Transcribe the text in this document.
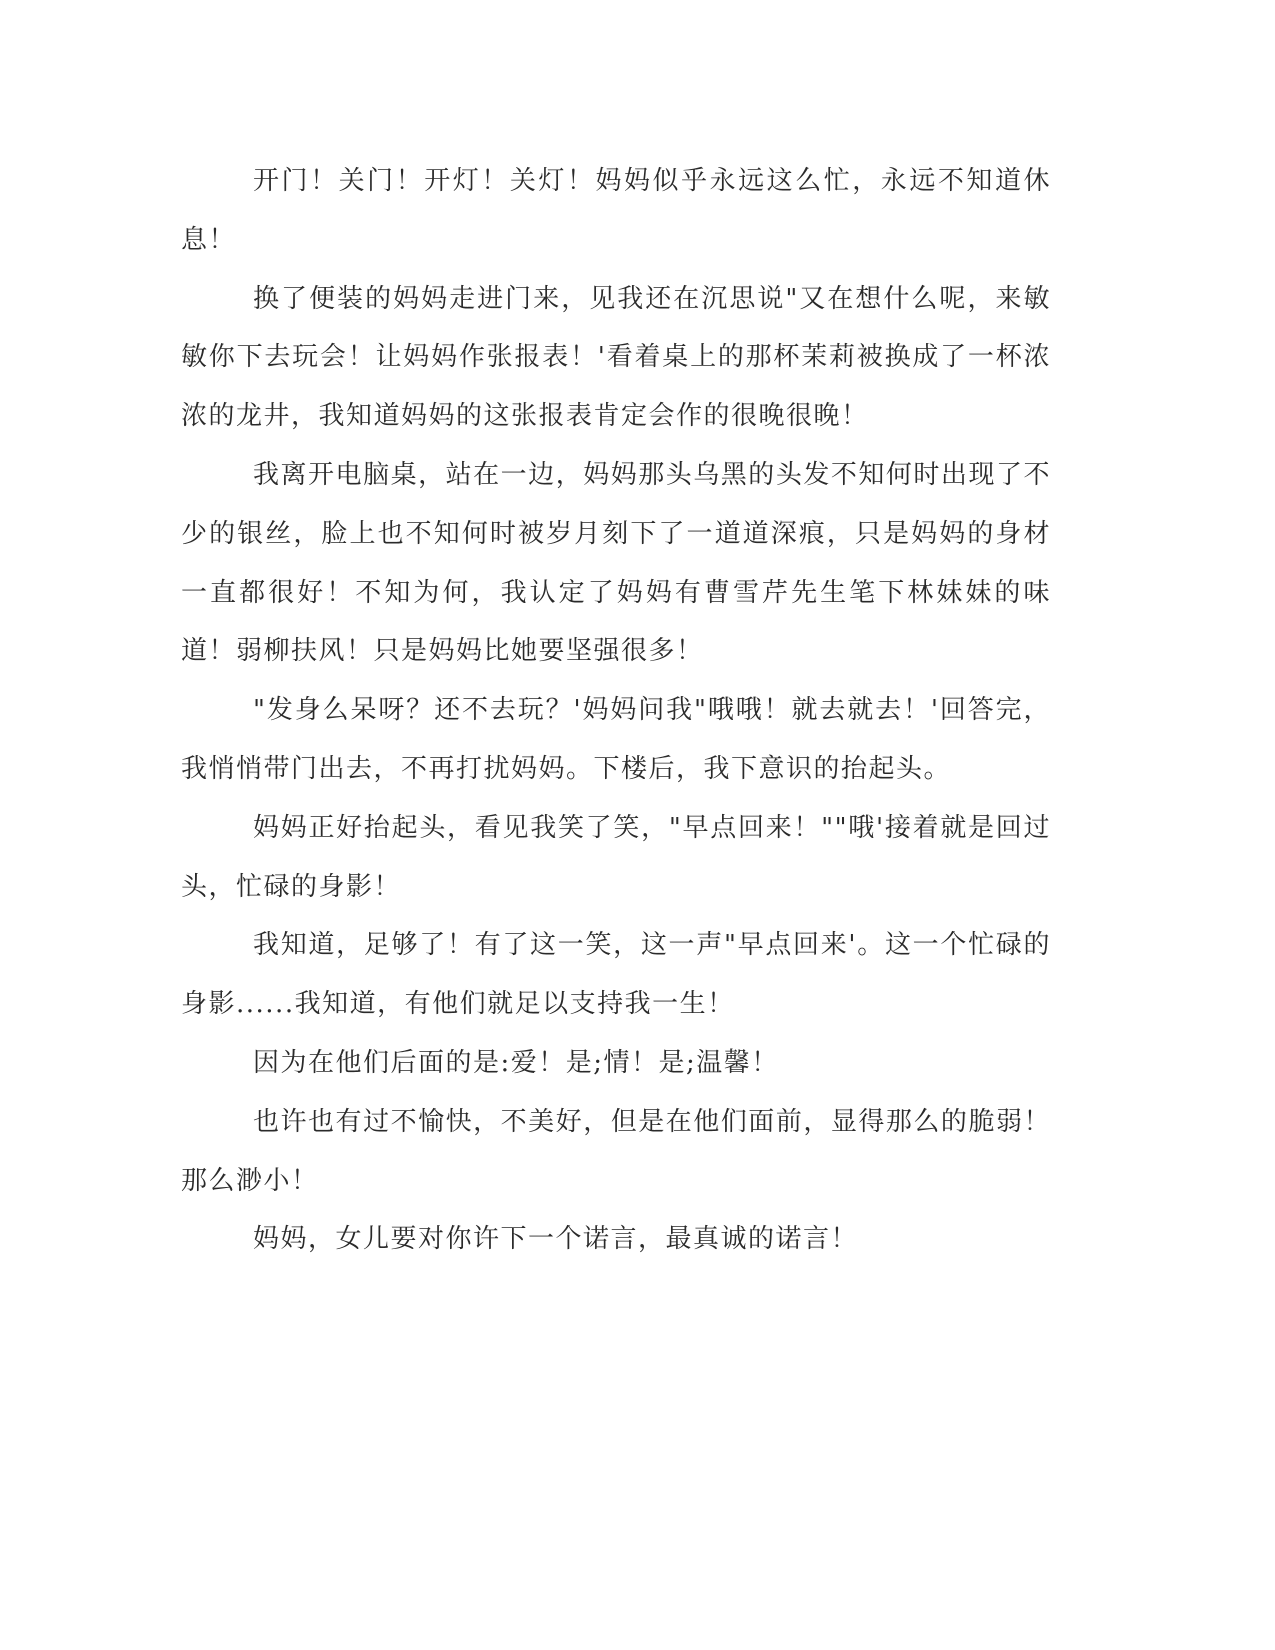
开门！关门！开灯！关灯！妈妈似乎永远这么忙，永远不知道休息！

换了便装的妈妈走进门来，见我还在沉思说"又在想什么呢，来敏敏你下去玩会！让妈妈作张报表！'看着桌上的那杯茉莉被换成了一杯浓浓的龙井，我知道妈妈的这张报表肯定会作的很晚很晚！

我离开电脑桌，站在一边，妈妈那头乌黑的头发不知何时出现了不少的银丝，脸上也不知何时被岁月刻下了一道道深痕，只是妈妈的身材一直都很好！不知为何，我认定了妈妈有曹雪芹先生笔下林妹妹的味道！弱柳扶风！只是妈妈比她要坚强很多！

"发身么呆呀？还不去玩？'妈妈问我"哦哦！就去就去！'回答完，我悄悄带门出去，不再打扰妈妈。下楼后，我下意识的抬起头。

妈妈正好抬起头，看见我笑了笑，"早点回来！""哦'接着就是回过头，忙碌的身影！

我知道，足够了！有了这一笑，这一声"早点回来'。这一个忙碌的身影......我知道，有他们就足以支持我一生！

因为在他们后面的是:爱！是;情！是;温馨！

也许也有过不愉快，不美好，但是在他们面前，显得那么的脆弱！那么渺小！

妈妈，女儿要对你许下一个诺言，最真诚的诺言！
